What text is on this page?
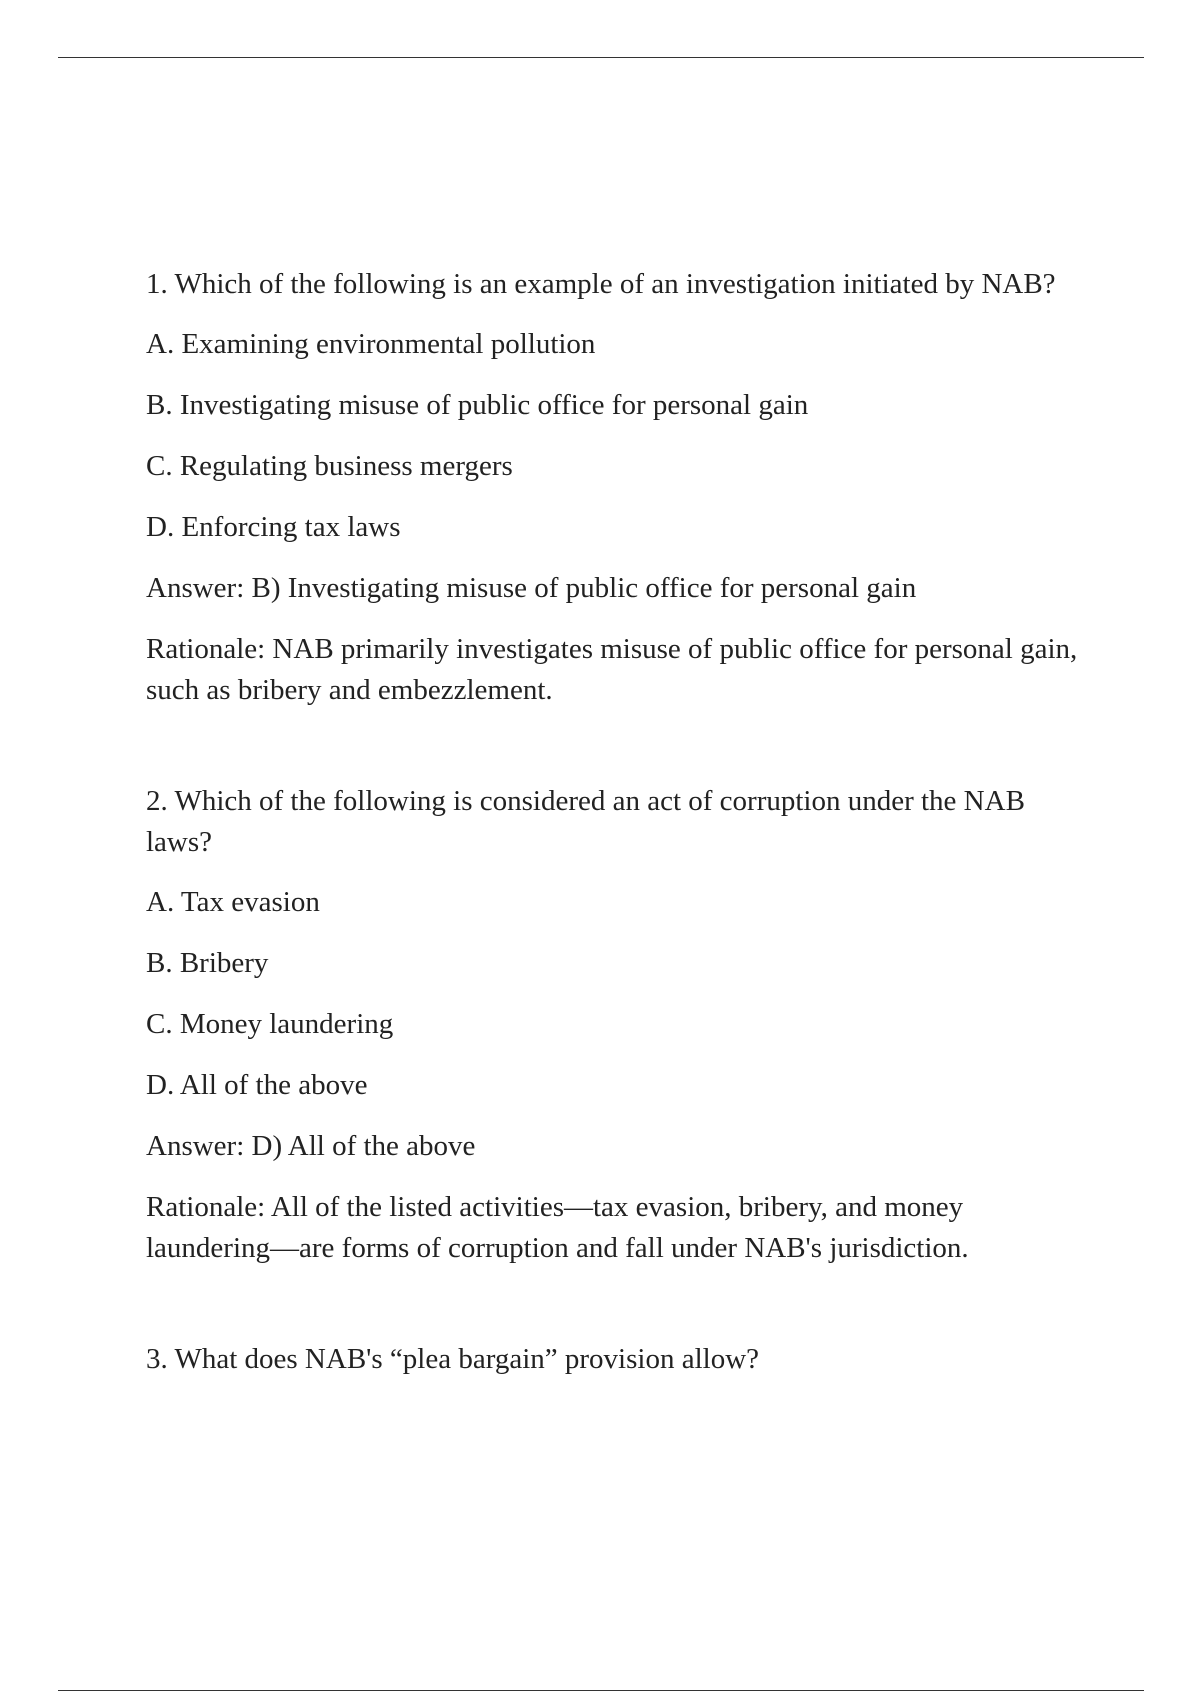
1. Which of the following is an example of an investigation initiated by NAB?

A. Examining environmental pollution

B. Investigating misuse of public office for personal gain

C. Regulating business mergers

D. Enforcing tax laws

Answer: B) Investigating misuse of public office for personal gain

Rationale: NAB primarily investigates misuse of public office for personal gain, such as bribery and embezzlement.

2. Which of the following is considered an act of corruption under the NAB laws?

A. Tax evasion

B. Bribery

C. Money laundering

D. All of the above

Answer: D) All of the above

Rationale: All of the listed activities—tax evasion, bribery, and money laundering—are forms of corruption and fall under NAB's jurisdiction.

3. What does NAB's “plea bargain” provision allow?
